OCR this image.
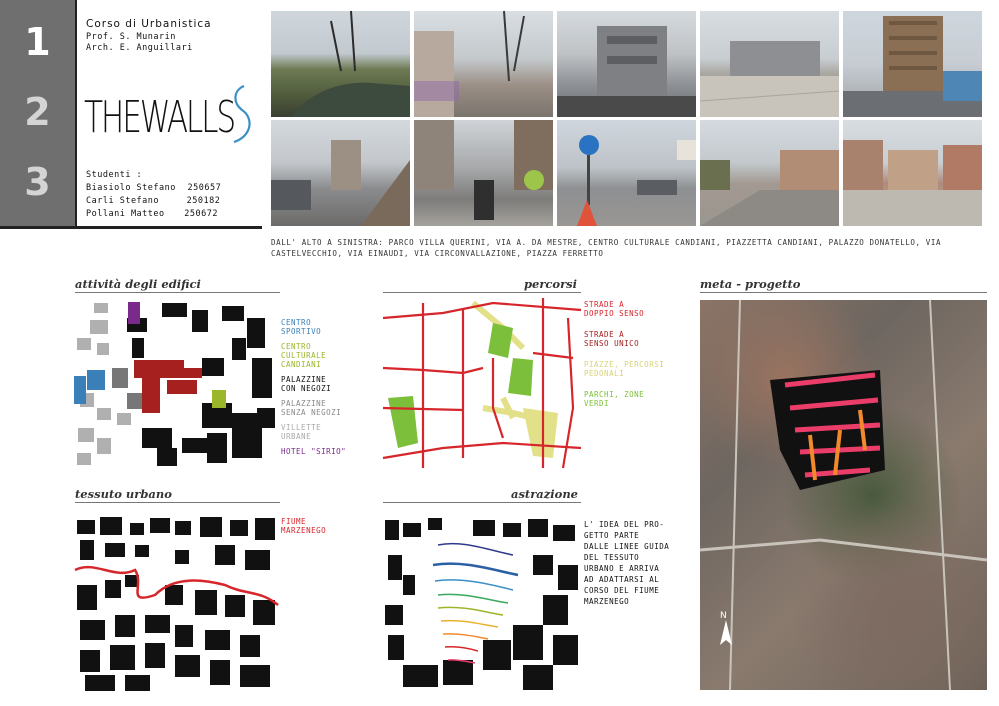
1
2
3
Corso di Urbanistica
Prof. S. Munarin
Arch. E. Anguillari
THEWALLS
Studenti :
Biasiolo Stefano 250657
Carli Stefano	250182
Pollani Matteo 250672
DALL' ALTO A SINISTRA: PARCO VILLA QUERINI, VIA A. DA MESTRE, CENTRO CULTURALE CANDIANI, PIAZZETTA CANDIANI, PALAZZO DONATELLO, VIA CASTELVECCHIO, VIA EINAUDI, VIA CIRCONVALLAZIONE, PIAZZA FERRETTO
attività degli edifici
CENTRO
SPORTIVO
CENTRO
CULTURALE
CANDIANI
PALAZZINE
CON NEGOZI
PALAZZINE
SENZA NEGOZI
VILLETTE
URBANE
HOTEL "SIRIO"
percorsi
STRADE A
DOPPIO SENSO
STRADE A
SENSO UNICO
PIAZZE, PERCORSI
PEDONALI
PARCHI, ZONE
VERDI
meta - progetto
N
tessuto urbano
FIUME
MARZENEGO
astrazione
L' IDEA DEL PRO-
GETTO PARTE
DALLE LINEE GUIDA
DEL TESSUTO
URBANO E ARRIVA
AD ADATTARSI AL
CORSO DEL FIUME
MARZENEGO
